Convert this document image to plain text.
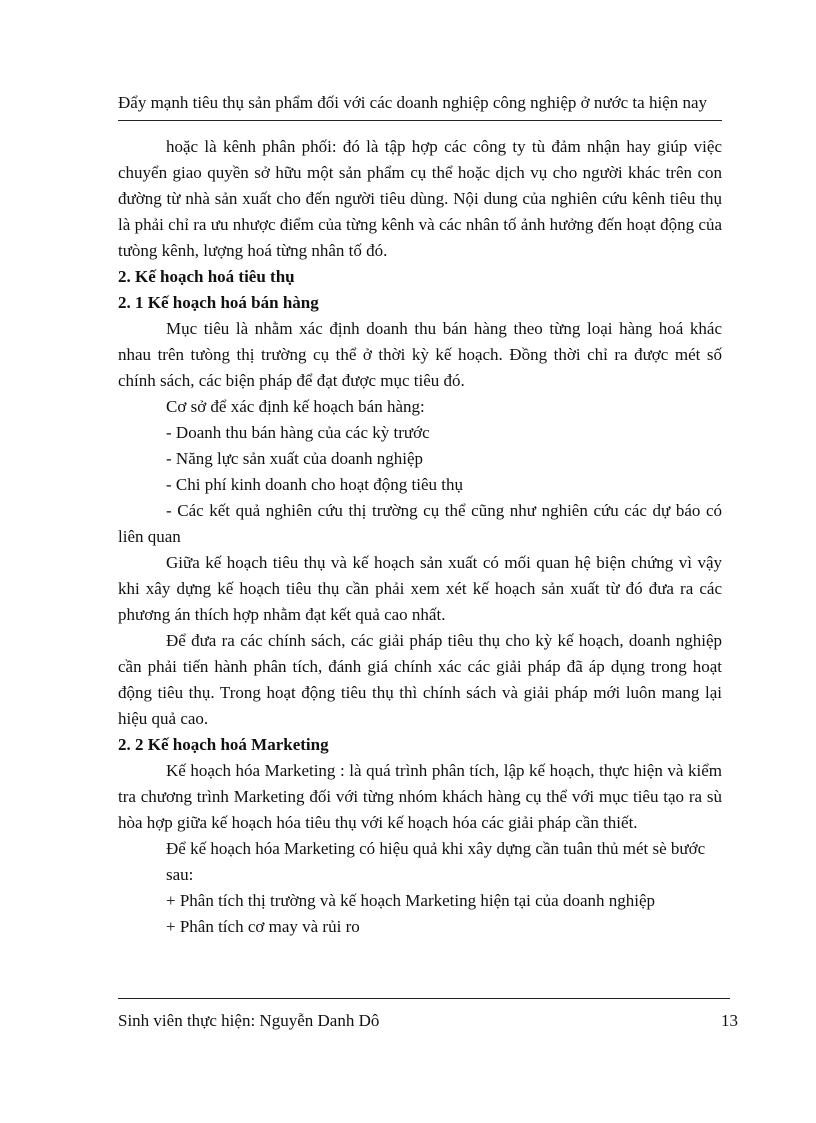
Đẩy mạnh tiêu thụ sản phẩm đối với các doanh nghiệp công nghiệp ở nước ta hiện nay

hoặc là kênh phân phối: đó là tập hợp các công ty tù đảm nhận hay giúp việc chuyển giao quyền sở hữu một sản phẩm cụ thể hoặc dịch vụ cho người khác trên con đường từ nhà sản xuất cho đến người tiêu dùng. Nội dung của nghiên cứu kênh tiêu thụ là phải chỉ ra ưu nhược điểm của từng kênh và các nhân tố ảnh hưởng đến hoạt động của tưòng kênh, lượng hoá từng nhân tố đó.

2. Kế hoạch hoá tiêu thụ

2. 1 Kế hoạch hoá bán hàng

Mục tiêu là nhằm xác định doanh thu bán hàng theo từng loại hàng hoá khác nhau trên tưòng thị trường cụ thể ở thời kỳ kế hoạch. Đồng thời chỉ ra được mét số chính sách, các biện pháp để đạt được mục tiêu đó.

Cơ sở để xác định kế hoạch bán hàng:

- Doanh thu bán hàng của các kỳ trước

- Năng lực sản xuất của doanh nghiệp

- Chi phí kinh doanh cho hoạt động tiêu thụ

- Các kết quả nghiên cứu thị trường cụ thể cũng như nghiên cứu các dự báo có liên quan

Giữa kế hoạch tiêu thụ và kế hoạch sản xuất có mối quan hệ biện chứng vì vậy khi xây dựng kế hoạch tiêu thụ cần phải xem xét kế hoạch sản xuất từ đó đưa ra các phương án thích hợp nhằm đạt kết quả cao nhất.

Để đưa ra các chính sách, các giải pháp tiêu thụ cho kỳ kế hoạch, doanh nghiệp cần phải tiến hành phân tích, đánh giá chính xác các giải pháp đã áp dụng trong hoạt động tiêu thụ. Trong hoạt động tiêu thụ thì chính sách và giải pháp mới luôn mang lại hiệu quả cao.

2. 2 Kế hoạch hoá Marketing

Kế hoạch hóa Marketing : là quá trình phân tích, lập kế hoạch, thực hiện và kiểm tra chương trình Marketing đối với từng nhóm khách hàng cụ thể với mục tiêu tạo ra sù hòa hợp giữa kế hoạch hóa tiêu thụ với kế hoạch hóa các giải pháp cần thiết.

Để kế hoạch hóa Marketing có hiệu quả khi xây dựng cần tuân thủ mét sè bước sau:

+ Phân tích thị trường và kế hoạch Marketing hiện tại của doanh nghiệp

+ Phân tích cơ may và rủi ro

Sinh viên thực hiện: Nguyễn Danh Dô	13
